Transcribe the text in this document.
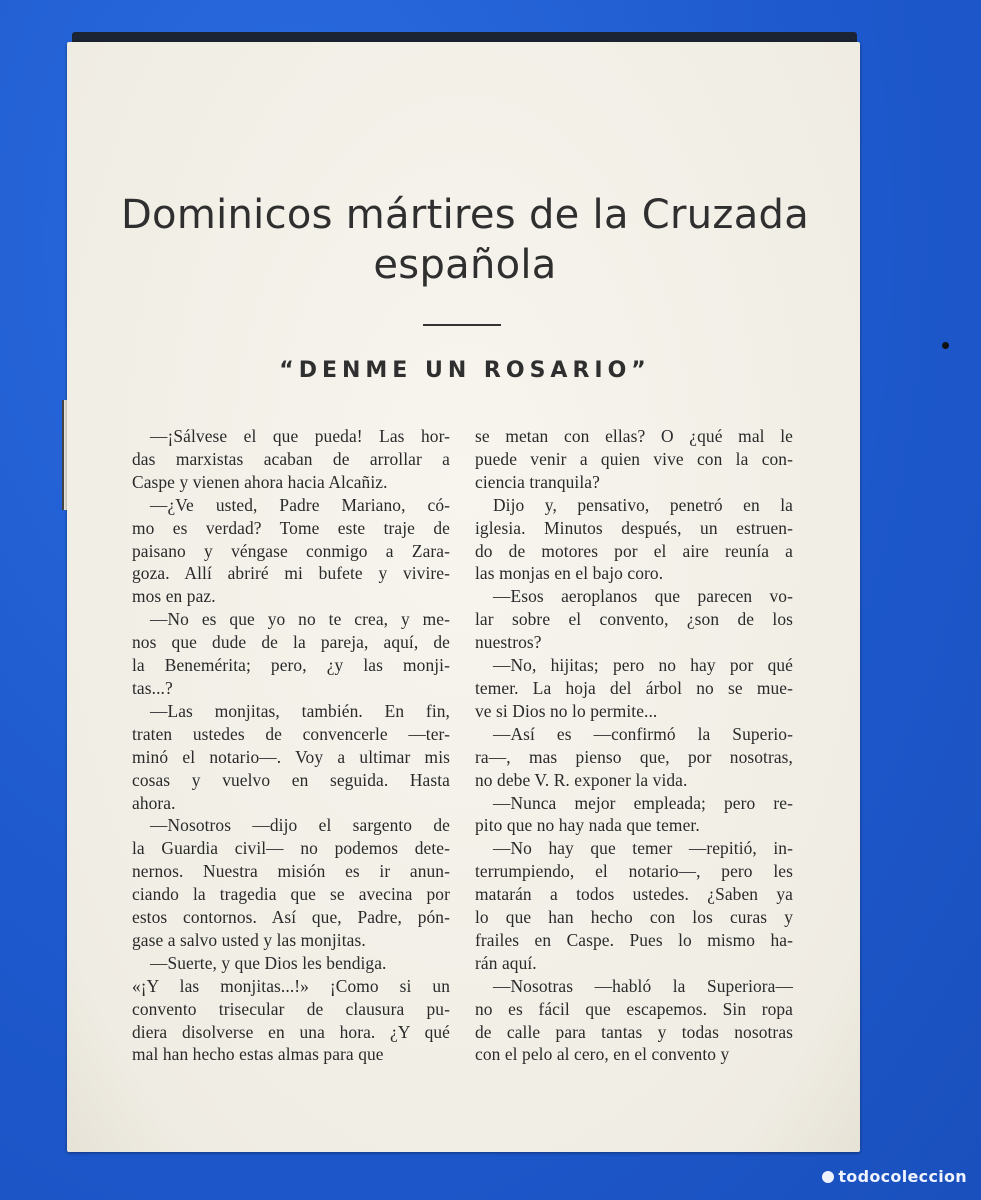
Dominicos mártires de la Cruzada
española
“DENME UN ROSARIO”
—¡Sálvese el que pueda! Las hor-
das marxistas acaban de arrollar a
Caspe y vienen ahora hacia Alcañiz.
—¿Ve usted, Padre Mariano, có-
mo es verdad? Tome este traje de
paisano y véngase conmigo a Zara-
goza. Allí abriré mi bufete y vivire-
mos en paz.
—No es que yo no te crea, y me-
nos que dude de la pareja, aquí, de
la Benemérita; pero, ¿y las monji-
tas...?
—Las monjitas, también. En fin,
traten ustedes de convencerle —ter-
minó el notario—. Voy a ultimar mis
cosas y vuelvo en seguida. Hasta
ahora.
—Nosotros —dijo el sargento de
la Guardia civil— no podemos dete-
nernos. Nuestra misión es ir anun-
ciando la tragedia que se avecina por
estos contornos. Así que, Padre, pón-
gase a salvo usted y las monjitas.
—Suerte, y que Dios les bendiga.
«¡Y las monjitas...!» ¡Como si un
convento trisecular de clausura pu-
diera disolverse en una hora. ¿Y qué
mal han hecho estas almas para que
se metan con ellas? O ¿qué mal le
puede venir a quien vive con la con-
ciencia tranquila?
Dijo y, pensativo, penetró en la
iglesia. Minutos después, un estruen-
do de motores por el aire reunía a
las monjas en el bajo coro.
—Esos aeroplanos que parecen vo-
lar sobre el convento, ¿son de los
nuestros?
—No, hijitas; pero no hay por qué
temer. La hoja del árbol no se mue-
ve si Dios no lo permite...
—Así es —confirmó la Superio-
ra—, mas pienso que, por nosotras,
no debe V. R. exponer la vida.
—Nunca mejor empleada; pero re-
pito que no hay nada que temer.
—No hay que temer —repitió, in-
terrumpiendo, el notario—, pero les
matarán a todos ustedes. ¿Saben ya
lo que han hecho con los curas y
frailes en Caspe. Pues lo mismo ha-
rán aquí.
—Nosotras —habló la Superiora—
no es fácil que escapemos. Sin ropa
de calle para tantas y todas nosotras
con el pelo al cero, en el convento y
todocoleccion
